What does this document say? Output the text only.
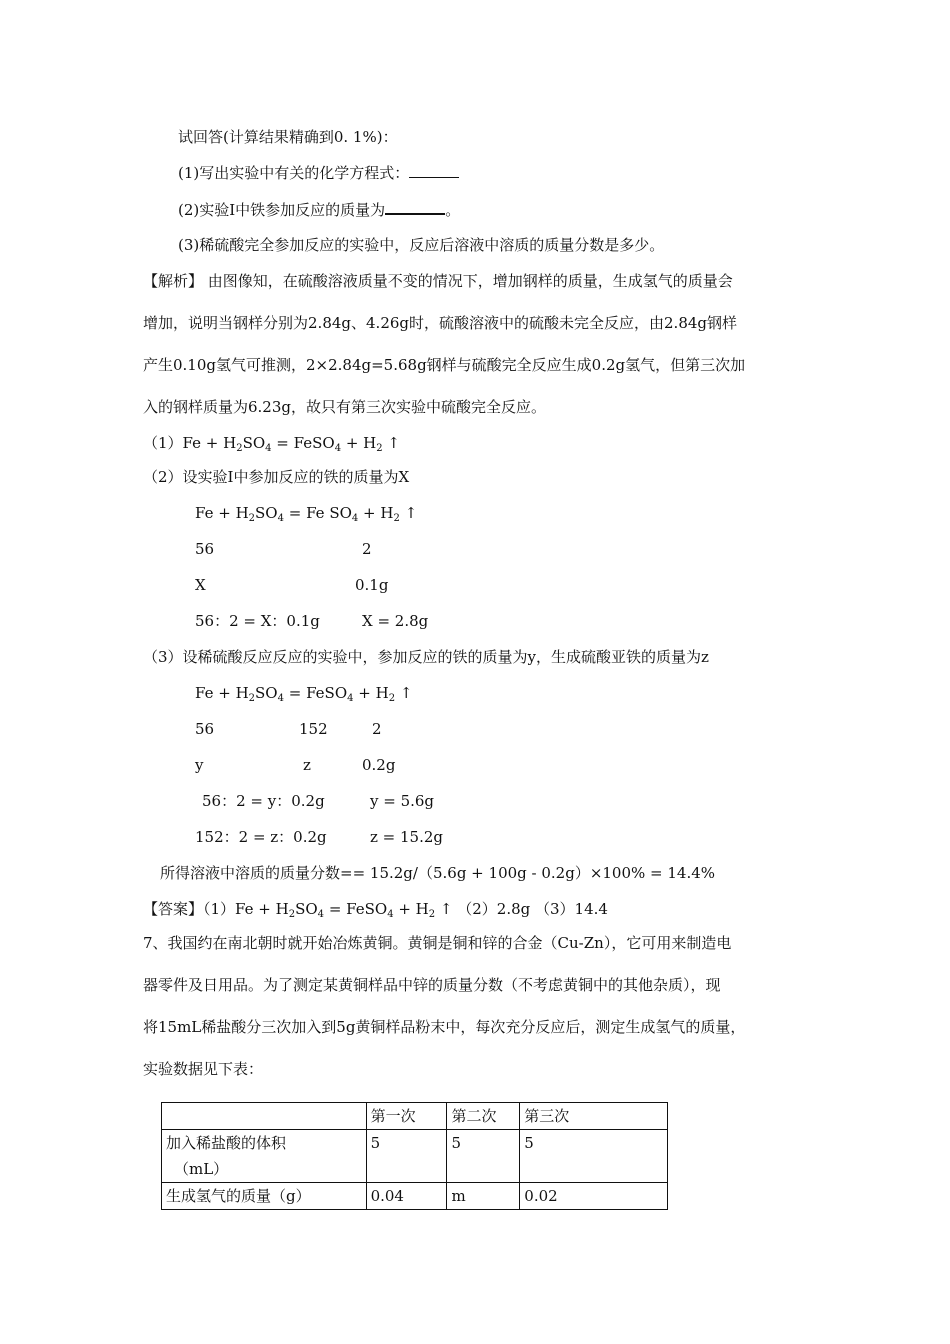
试回答(计算结果精确到0. 1%)：
(1)写出实验中有关的化学方程式：
(2)实验Ⅰ中铁参加反应的质量为	。
(3)稀硫酸完全参加反应的实验中，反应后溶液中溶质的质量分数是多少。
【解析】 由图像知，在硫酸溶液质量不变的情况下，增加钢样的质量，生成氢气的质量会
增加，说明当钢样分别为2.84g、4.26g时，硫酸溶液中的硫酸未完全反应，由2.84g钢样
产生0.10g氢气可推测，2×2.84g=5.68g钢样与硫酸完全反应生成0.2g氢气，但第三次加
入的钢样质量为6.23g，故只有第三次实验中硫酸完全反应。
$(1)Fe + H_2SO_4$ = FeSO$_4$ + $H_2$ ↑
（2）设实验Ⅰ中参加反应的铁的质量为X
$Fe + H_2SO_4 = Fe$ $SO_4 + H_2$ ↑
56	2
X	0.1g
56：2 = X：0.1g	X = 2.8g
（3）设稀硫酸反应反应的实验中，参加反应的铁的质量为y，生成硫酸亚铁的质量为z
$Fe + H_2SO_4$ = FeSO$_4$ + $H_2$ ↑
56	152	2
y	z	0.2g
56：2 = y：0.2g	y = 5.6g
152：2 = z：0.2g	z = 15.2g
所得溶液中溶质的质量分数== 15.2g/（5.6g + 100g - 0.2g）×100% = 14.4%
【答案】$(1)Fe + H_2SO_4$ = FeSO$_4$ + $H_2$ ↑ （2）2.8g （3）14.4
7、我国约在南北朝时就开始冶炼黄铜。黄铜是铜和锌的合金（Cu-Zn），它可用来制造电
器零件及日用品。为了测定某黄铜样品中锌的质量分数（不考虑黄铜中的其他杂质），现
将15mL稀盐酸分三次加入到5g黄铜样品粉末中，每次充分反应后，测定生成氢气的质量，
实验数据见下表：
	第一次	第二次	第三次

加入稀盐酸的体积
（mL）	5	5	5
生成氢气的质量（g）	0.04	m	0.02
